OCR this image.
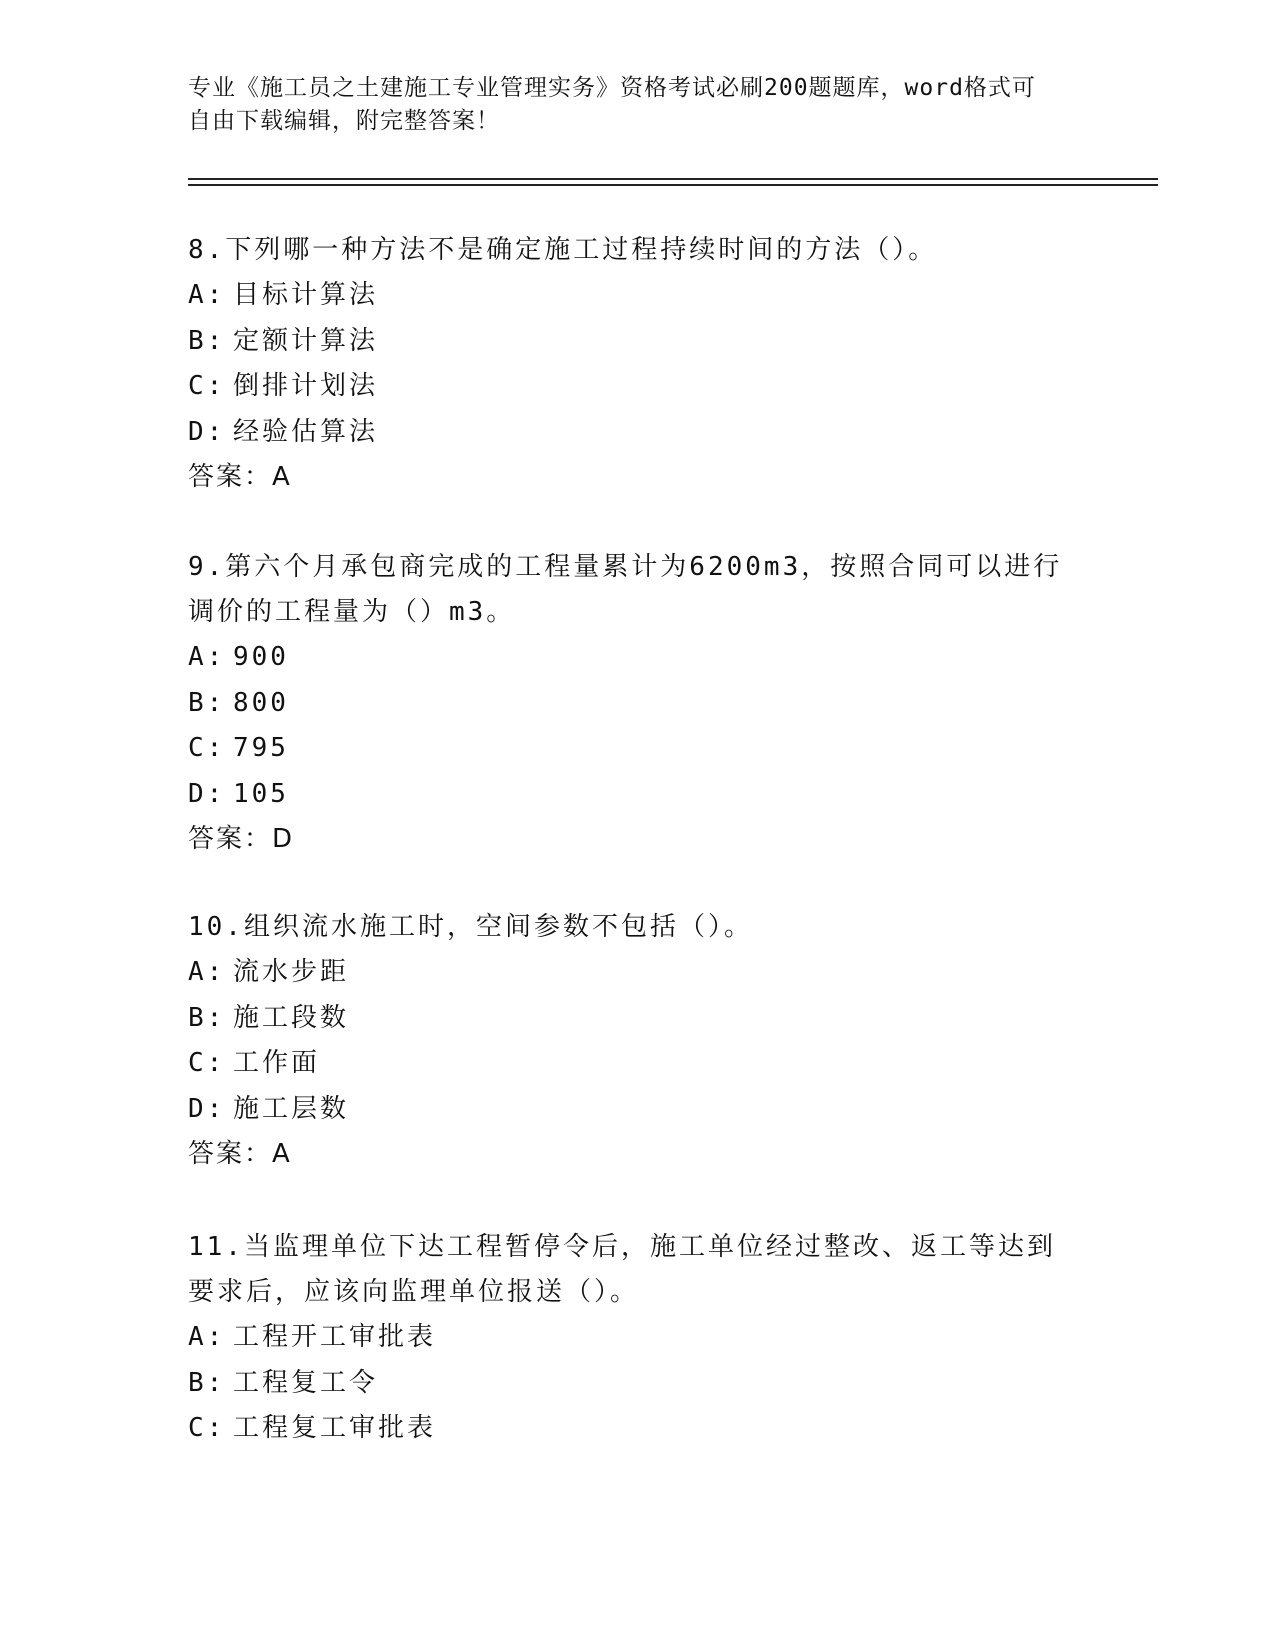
专业《施工员之土建施工专业管理实务》资格考试必刷200题题库，word格式可
自由下载编辑，附完整答案！

8.下列哪一种方法不是确定施工过程持续时间的方法（）。

A: 目标计算法

B: 定额计算法

C: 倒排计划法

D: 经验估算法

答案：A

9.第六个月承包商完成的工程量累计为6200m3，按照合同可以进行调价的工程量为（）m3。

A: 900

B: 800

C: 795

D: 105

答案：D

10.组织流水施工时，空间参数不包括（）。

A: 流水步距

B: 施工段数

C: 工作面

D: 施工层数

答案：A

11.当监理单位下达工程暂停令后，施工单位经过整改、返工等达到要求后，应该向监理单位报送（）。

A: 工程开工审批表

B: 工程复工令

C: 工程复工审批表
